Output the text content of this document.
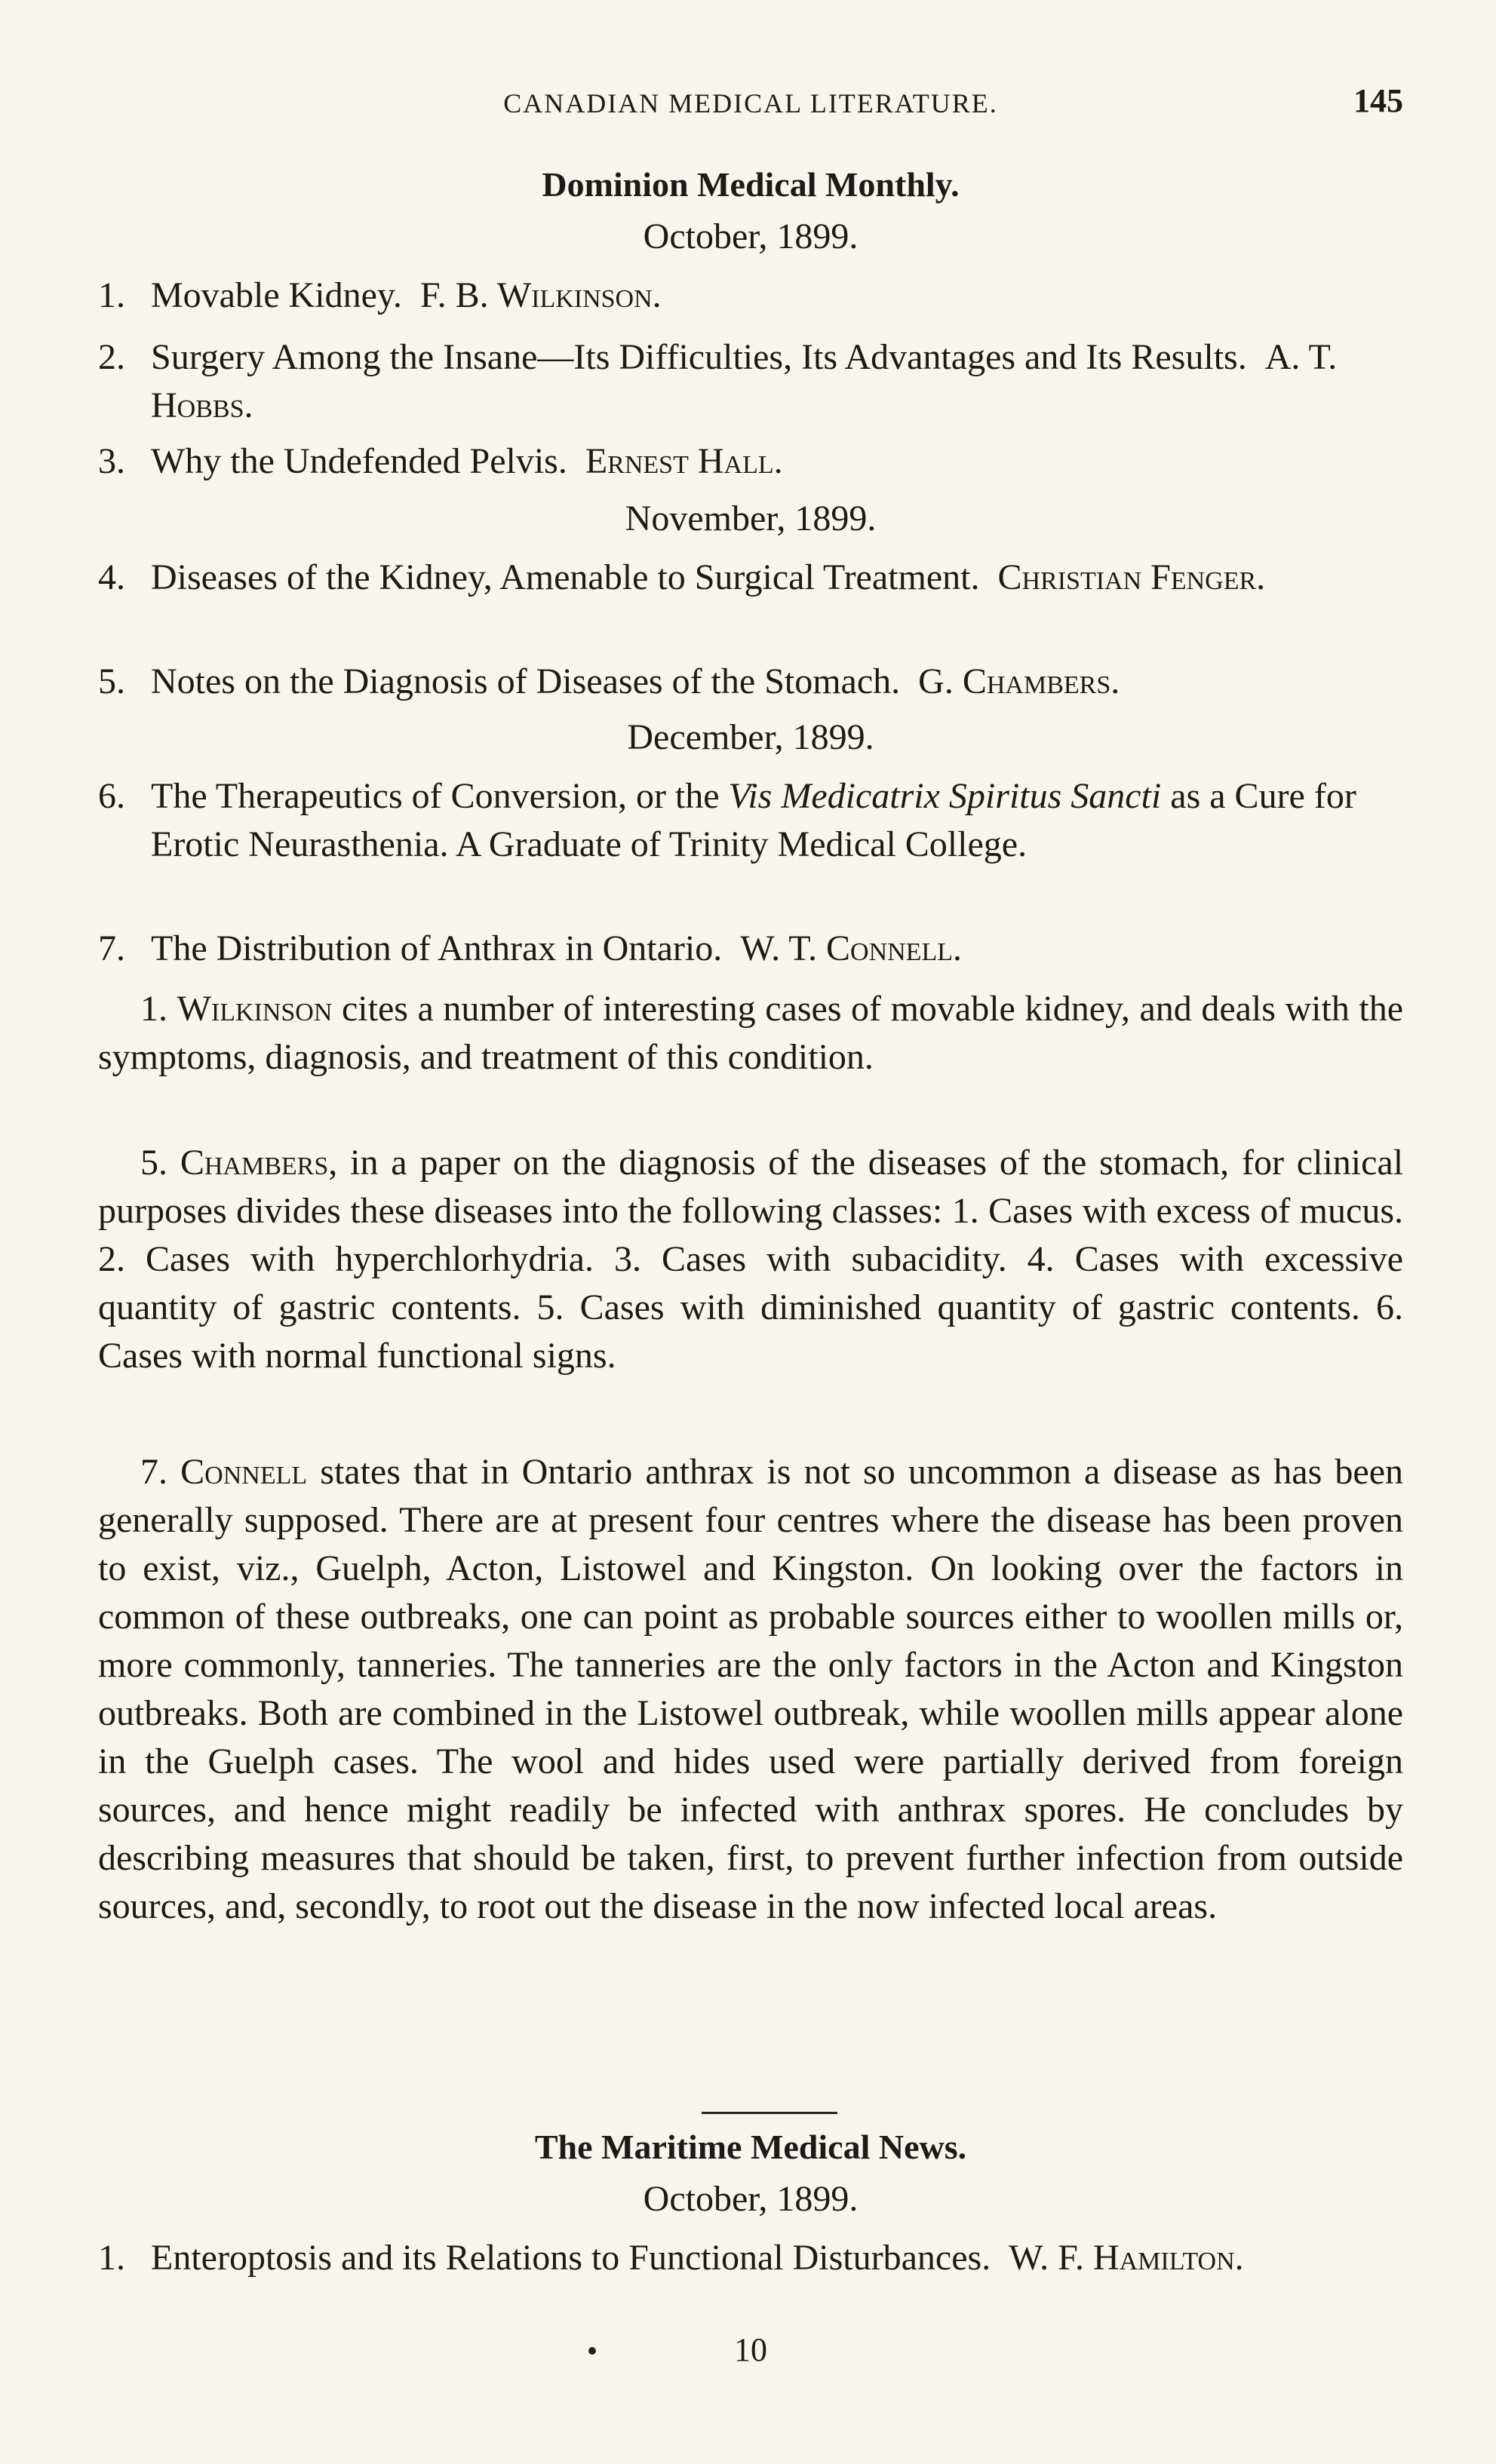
CANADIAN MEDICAL LITERATURE.	145
Dominion Medical Monthly.
October, 1899.
1. Movable Kidney. F. B. Wilkinson.
2. Surgery Among the Insane—Its Difficulties, Its Advantages and Its Results. A. T. Hobbs.
3. Why the Undefended Pelvis. Ernest Hall.
November, 1899.
4. Diseases of the Kidney, Amenable to Surgical Treatment. Christian Fenger.
5. Notes on the Diagnosis of Diseases of the Stomach. G. Chambers.
December, 1899.
6. The Therapeutics of Conversion, or the Vis Medicatrix Spiritus Sancti as a Cure for Erotic Neurasthenia. A Graduate of Trinity Medical College.
7. The Distribution of Anthrax in Ontario. W. T. Connell.
1. Wilkinson cites a number of interesting cases of movable kidney, and deals with the symptoms, diagnosis, and treatment of this condition.
5. Chambers, in a paper on the diagnosis of the diseases of the stomach, for clinical purposes divides these diseases into the following classes: 1. Cases with excess of mucus. 2. Cases with hyperchlorhydria. 3. Cases with subacidity. 4. Cases with excessive quantity of gastric contents. 5. Cases with diminished quantity of gastric contents. 6. Cases with normal functional signs.
7. Connell states that in Ontario anthrax is not so uncommon a disease as has been generally supposed. There are at present four centres where the disease has been proven to exist, viz., Guelph, Acton, Listowel and Kingston. On looking over the factors in common of these outbreaks, one can point as probable sources either to woollen mills or, more commonly, tanneries. The tanneries are the only factors in the Acton and Kingston outbreaks. Both are combined in the Listowel outbreak, while woollen mills appear alone in the Guelph cases. The wool and hides used were partially derived from foreign sources, and hence might readily be infected with anthrax spores. He concludes by describing measures that should be taken, first, to prevent further infection from outside sources, and, secondly, to root out the disease in the now infected local areas.
The Maritime Medical News.
October, 1899.
1. Enteroptosis and its Relations to Functional Disturbances. W. F. Hamilton.
10
